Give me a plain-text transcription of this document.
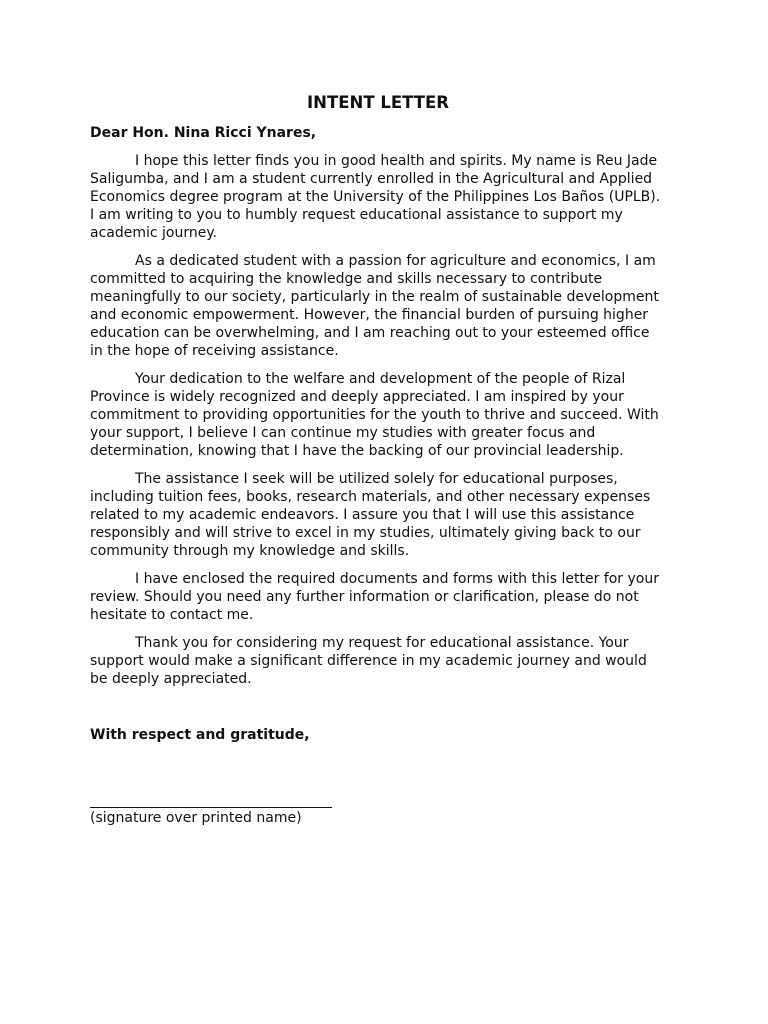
INTENT LETTER
Dear Hon. Nina Ricci Ynares,

I hope this letter finds you in good health and spirits. My name is Reu Jade Saligumba, and I am a student currently enrolled in the Agricultural and Applied Economics degree program at the University of the Philippines Los Baños (UPLB). I am writing to you to humbly request educational assistance to support my academic journey.

As a dedicated student with a passion for agriculture and economics, I am committed to acquiring the knowledge and skills necessary to contribute meaningfully to our society, particularly in the realm of sustainable development and economic empowerment. However, the financial burden of pursuing higher education can be overwhelming, and I am reaching out to your esteemed office in the hope of receiving assistance.

Your dedication to the welfare and development of the people of Rizal Province is widely recognized and deeply appreciated. I am inspired by your commitment to providing opportunities for the youth to thrive and succeed. With your support, I believe I can continue my studies with greater focus and determination, knowing that I have the backing of our provincial leadership.

The assistance I seek will be utilized solely for educational purposes, including tuition fees, books, research materials, and other necessary expenses related to my academic endeavors. I assure you that I will use this assistance responsibly and will strive to excel in my studies, ultimately giving back to our community through my knowledge and skills.

I have enclosed the required documents and forms with this letter for your review. Should you need any further information or clarification, please do not hesitate to contact me.

Thank you for considering my request for educational assistance. Your support would make a significant difference in my academic journey and would be deeply appreciated.

With respect and gratitude,
(signature over printed name)
